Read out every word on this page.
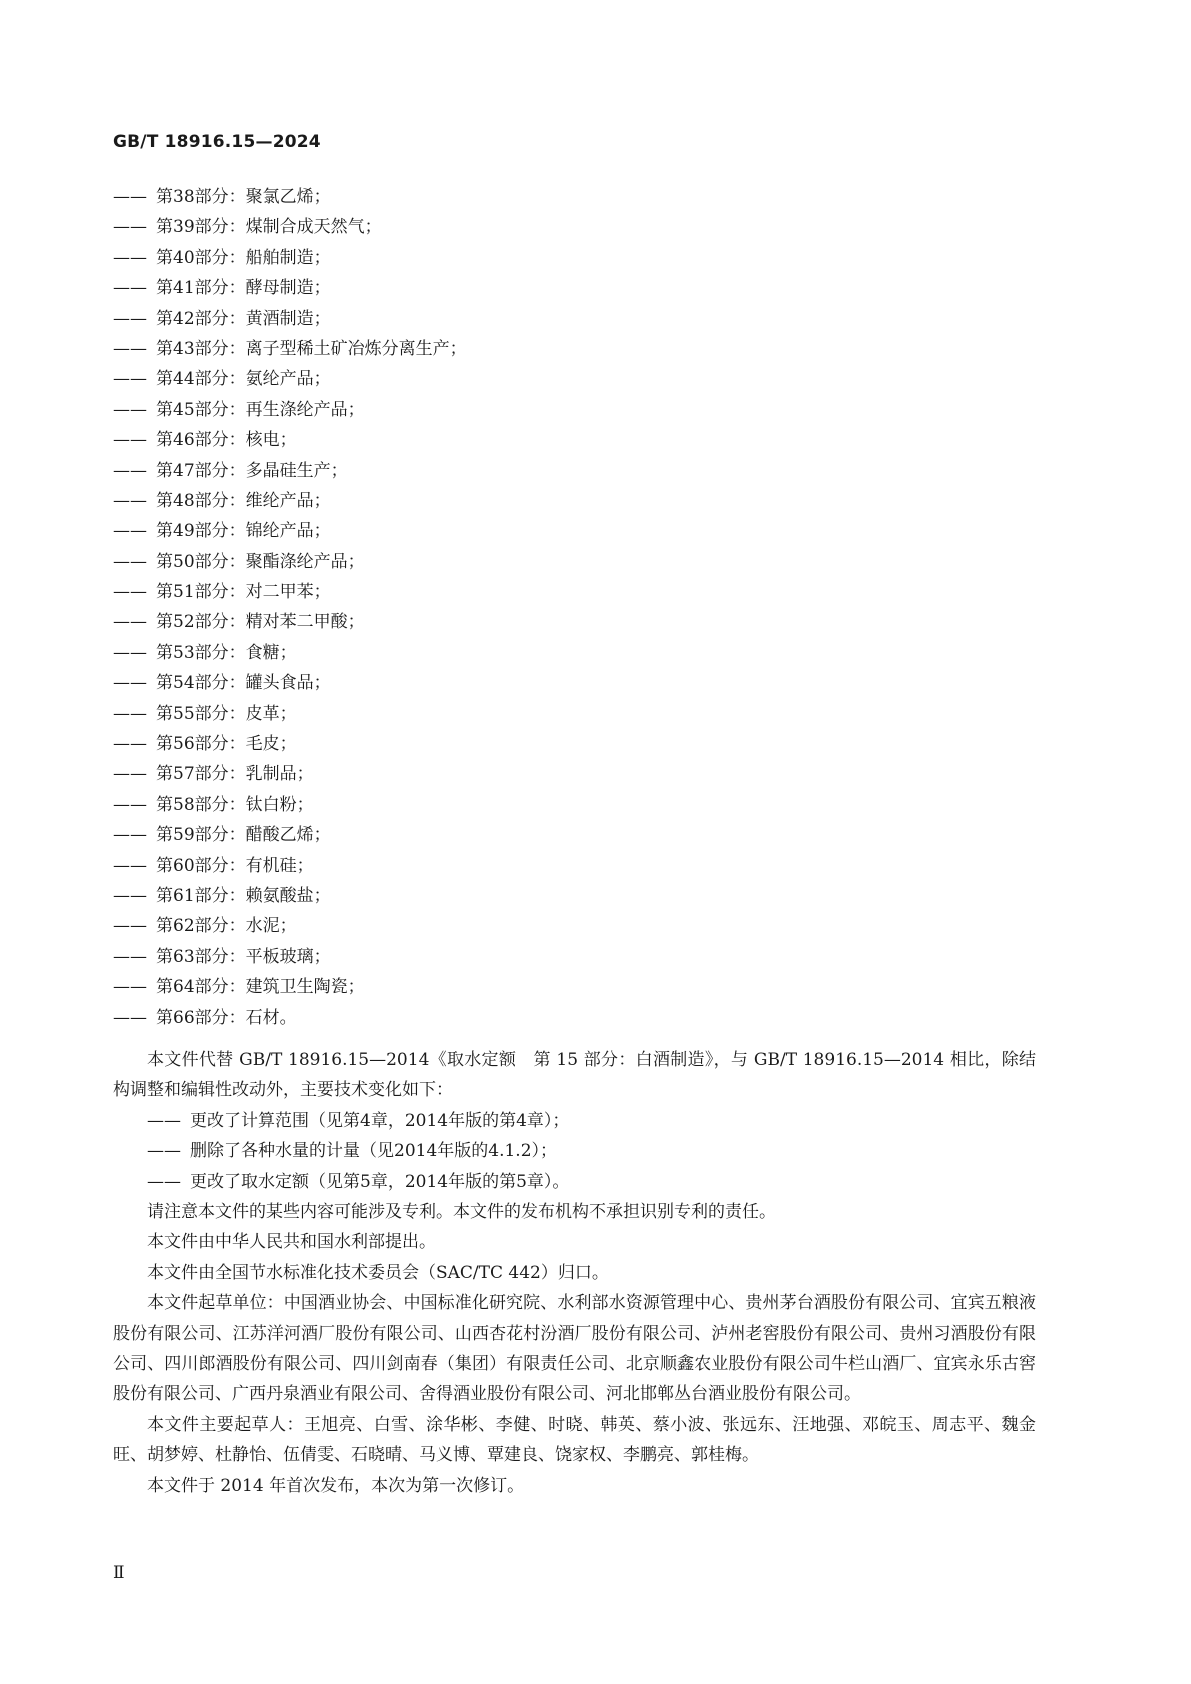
GB/T 18916.15—2024
—— 第38部分：聚氯乙烯；
—— 第39部分：煤制合成天然气；
—— 第40部分：船舶制造；
—— 第41部分：酵母制造；
—— 第42部分：黄酒制造；
—— 第43部分：离子型稀土矿冶炼分离生产；
—— 第44部分：氨纶产品；
—— 第45部分：再生涤纶产品；
—— 第46部分：核电；
—— 第47部分：多晶硅生产；
—— 第48部分：维纶产品；
—— 第49部分：锦纶产品；
—— 第50部分：聚酯涤纶产品；
—— 第51部分：对二甲苯；
—— 第52部分：精对苯二甲酸；
—— 第53部分：食糖；
—— 第54部分：罐头食品；
—— 第55部分：皮革；
—— 第56部分：毛皮；
—— 第57部分：乳制品；
—— 第58部分：钛白粉；
—— 第59部分：醋酸乙烯；
—— 第60部分：有机硅；
—— 第61部分：赖氨酸盐；
—— 第62部分：水泥；
—— 第63部分：平板玻璃；
—— 第64部分：建筑卫生陶瓷；
—— 第66部分：石材。

本文件代替 GB/T 18916.15—2014《取水定额　第 15 部分：白酒制造》，与 GB/T 18916.15—2014 相比，除结构调整和编辑性改动外，主要技术变化如下：

—— 更改了计算范围（见第4章，2014年版的第4章）；

—— 删除了各种水量的计量（见2014年版的4.1.2）；

—— 更改了取水定额（见第5章，2014年版的第5章）。

请注意本文件的某些内容可能涉及专利。本文件的发布机构不承担识别专利的责任。

本文件由中华人民共和国水利部提出。

本文件由全国节水标准化技术委员会（SAC/TC 442）归口。

本文件起草单位：中国酒业协会、中国标准化研究院、水利部水资源管理中心、贵州茅台酒股份有限公司、宜宾五粮液股份有限公司、江苏洋河酒厂股份有限公司、山西杏花村汾酒厂股份有限公司、泸州老窖股份有限公司、贵州习酒股份有限公司、四川郎酒股份有限公司、四川剑南春（集团）有限责任公司、北京顺鑫农业股份有限公司牛栏山酒厂、宜宾永乐古窖股份有限公司、广西丹泉酒业有限公司、舍得酒业股份有限公司、河北邯郸丛台酒业股份有限公司。

本文件主要起草人：王旭亮、白雪、涂华彬、李健、时晓、韩英、蔡小波、张远东、汪地强、邓皖玉、周志平、魏金旺、胡梦婷、杜静怡、伍倩雯、石晓晴、马义博、覃建良、饶家权、李鹏亮、郭桂梅。

本文件于 2014 年首次发布，本次为第一次修订。

Ⅱ
